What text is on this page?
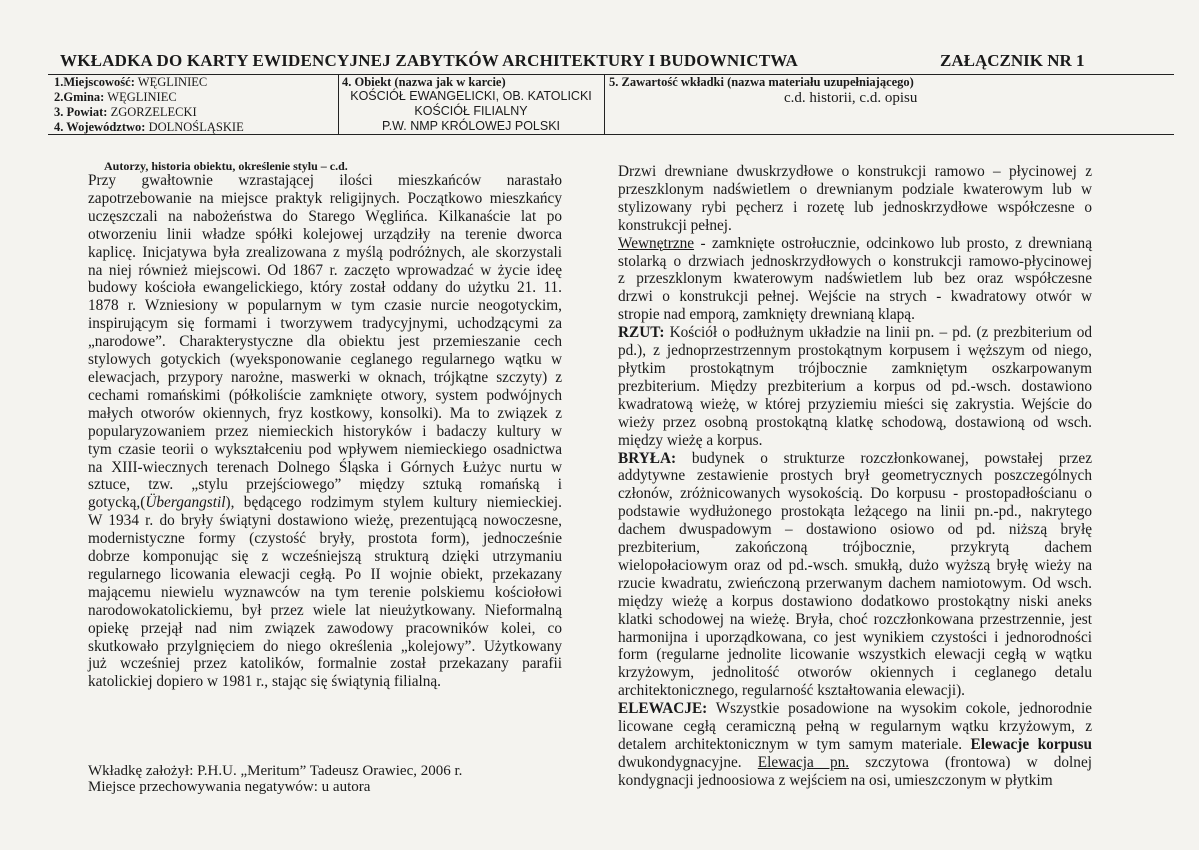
WKŁADKA DO KARTY EWIDENCYJNEJ ZABYTKÓW ARCHITEKTURY I BUDOWNICTWA	ZAŁĄCZNIK NR 1
1.Miejscowość: WĘGLINIEC
2.Gmina: WĘGLINIEC
3. Powiat: ZGORZELECKI
4. Województwo: DOLNOŚLĄSKIE
4. Obiekt (nazwa jak w karcie)
KOŚCIÓŁ EWANGELICKI, OB. KATOLICKI
KOŚCIÓŁ FILIALNY
P.W. NMP KRÓLOWEJ POLSKI
5. Zawartość wkładki (nazwa materiału uzupełniającego)
c.d. historii, c.d. opisu
Autorzy, historia obiektu, określenie stylu – c.d.

Przy gwałtownie wzrastającej ilości mieszkańców narastało

zapotrzebowanie na miejsce praktyk religijnych. Początkowo mieszkańcy

uczęszczali na nabożeństwa do Starego Węglińca. Kilkanaście lat po

otworzeniu linii władze spółki kolejowej urządziły na terenie dworca

kaplicę. Inicjatywa była zrealizowana z myślą podróżnych, ale skorzystali

na niej również miejscowi. Od 1867 r. zaczęto wprowadzać w życie ideę

budowy kościoła ewangelickiego, który został oddany do użytku 21. 11.

1878 r. Wzniesiony w popularnym w tym czasie nurcie neogotyckim,

inspirującym się formami i tworzywem tradycyjnymi, uchodzącymi za

„narodowe”. Charakterystyczne dla obiektu jest przemieszanie cech

stylowych gotyckich (wyeksponowanie ceglanego regularnego wątku w

elewacjach, przypory narożne, maswerki w oknach, trójkątne szczyty) z

cechami romańskimi (półkoliście zamknięte otwory, system podwójnych

małych otworów okiennych, fryz kostkowy, konsolki). Ma to związek z

popularyzowaniem przez niemieckich historyków i badaczy kultury w

tym czasie teorii o wykształceniu pod wpływem niemieckiego osadnictwa

na XIII-wiecznych terenach Dolnego Śląska i Górnych Łużyc nurtu w

sztuce, tzw. „stylu przejściowego” między sztuką romańską i

gotycką,(Übergangstil), będącego rodzimym stylem kultury niemieckiej.

W 1934 r. do bryły świątyni dostawiono wieżę, prezentującą nowoczesne,

modernistyczne formy (czystość bryły, prostota form), jednocześnie

dobrze komponując się z wcześniejszą strukturą dzięki utrzymaniu

regularnego licowania elewacji cegłą. Po II wojnie obiekt, przekazany

mającemu niewielu wyznawców na tym terenie polskiemu kościołowi

narodowokatolickiemu, był przez wiele lat nieużytkowany. Nieformalną

opiekę przejął nad nim związek zawodowy pracowników kolei, co

skutkowało przylgnięciem do niego określenia „kolejowy”. Użytkowany

już wcześniej przez katolików, formalnie został przekazany parafii

katolickiej dopiero w 1981 r., stając się świątynią filialną.

Wkładkę założył: P.H.U. „Meritum” Tadeusz Orawiec, 2006 r.
Miejsce przechowywania negatywów: u autora

Drzwi drewniane dwuskrzydłowe o konstrukcji ramowo – płycinowej z

przeszklonym nadświetlem o drewnianym podziale kwaterowym lub w

stylizowany rybi pęcherz i rozetę lub jednoskrzydłowe współczesne o

konstrukcji pełnej.

Wewnętrzne - zamknięte ostrołucznie, odcinkowo lub prosto, z drewnianą

stolarką o drzwiach jednoskrzydłowych o konstrukcji ramowo-płycinowej

z przeszklonym kwaterowym nadświetlem lub bez oraz współczesne

drzwi o konstrukcji pełnej. Wejście na strych - kwadratowy otwór w

stropie nad emporą, zamknięty drewnianą klapą.

RZUT: Kościół o podłużnym układzie na linii pn. – pd. (z prezbiterium od

pd.), z jednoprzestrzennym prostokątnym korpusem i węższym od niego,

płytkim prostokątnym trójbocznie zamkniętym oszkarpowanym

prezbiterium. Między prezbiterium a korpus od pd.-wsch. dostawiono

kwadratową wieżę, w której przyziemiu mieści się zakrystia. Wejście do

wieży przez osobną prostokątną klatkę schodową, dostawioną od wsch.

między wieżę a korpus.

BRYŁA: budynek o strukturze rozczłonkowanej, powstałej przez

addytywne zestawienie prostych brył geometrycznych poszczególnych

członów, zróżnicowanych wysokością. Do korpusu - prostopadłościanu o

podstawie wydłużonego prostokąta leżącego na linii pn.-pd., nakrytego

dachem dwuspadowym – dostawiono osiowo od pd. niższą bryłę

prezbiterium, zakończoną trójbocznie, przykrytą dachem

wielopołaciowym oraz od pd.-wsch. smukłą, dużo wyższą bryłę wieży na

rzucie kwadratu, zwieńczoną przerwanym dachem namiotowym. Od wsch.

między wieżę a korpus dostawiono dodatkowo prostokątny niski aneks

klatki schodowej na wieżę. Bryła, choć rozczłonkowana przestrzennie, jest

harmonijna i uporządkowana, co jest wynikiem czystości i jednorodności

form (regularne jednolite licowanie wszystkich elewacji cegłą w wątku

krzyżowym, jednolitość otworów okiennych i ceglanego detalu

architektonicznego, regularność kształtowania elewacji).

ELEWACJE: Wszystkie posadowione na wysokim cokole, jednorodnie

licowane cegłą ceramiczną pełną w regularnym wątku krzyżowym, z

detalem architektonicznym w tym samym materiale. Elewacje korpusu

dwukondygnacyjne. Elewacja pn. szczytowa (frontowa) w dolnej

kondygnacji jednoosiowa z wejściem na osi, umieszczonym w płytkim
